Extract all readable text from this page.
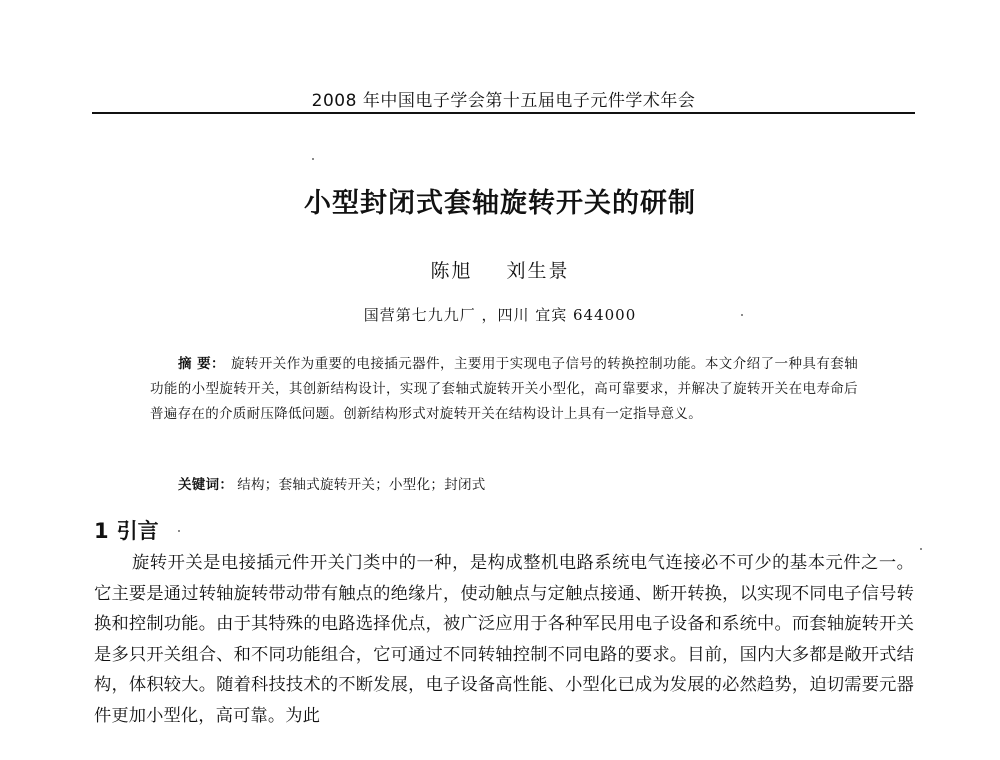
2008 年中国电子学会第十五届电子元件学术年会
小型封闭式套轴旋转开关的研制
陈旭 刘生景
国营第七九九厂 ，四川 宜宾 644000
摘 要： 旋转开关作为重要的电接插元器件，主要用于实现电子信号的转换控制功能。本文介绍了一种具有套轴功能的小型旋转开关，其创新结构设计，实现了套轴式旋转开关小型化，高可靠要求，并解决了旋转开关在电寿命后普遍存在的介质耐压降低问题。创新结构形式对旋转开关在结构设计上具有一定指导意义。
关键词： 结构；套轴式旋转开关；小型化；封闭式
1 引言
旋转开关是电接插元件开关门类中的一种，是构成整机电路系统电气连接必不可少的基本元件之一。它主要是通过转轴旋转带动带有触点的绝缘片，使动触点与定触点接通、断开转换，以实现不同电子信号转换和控制功能。由于其特殊的电路选择优点，被广泛应用于各种军民用电子设备和系统中。而套轴旋转开关是多只开关组合、和不同功能组合，它可通过不同转轴控制不同电路的要求。目前，国内大多都是敞开式结构，体积较大。随着科技技术的不断发展，电子设备高性能、小型化已成为发展的必然趋势，迫切需要元器件更加小型化，高可靠。为此
